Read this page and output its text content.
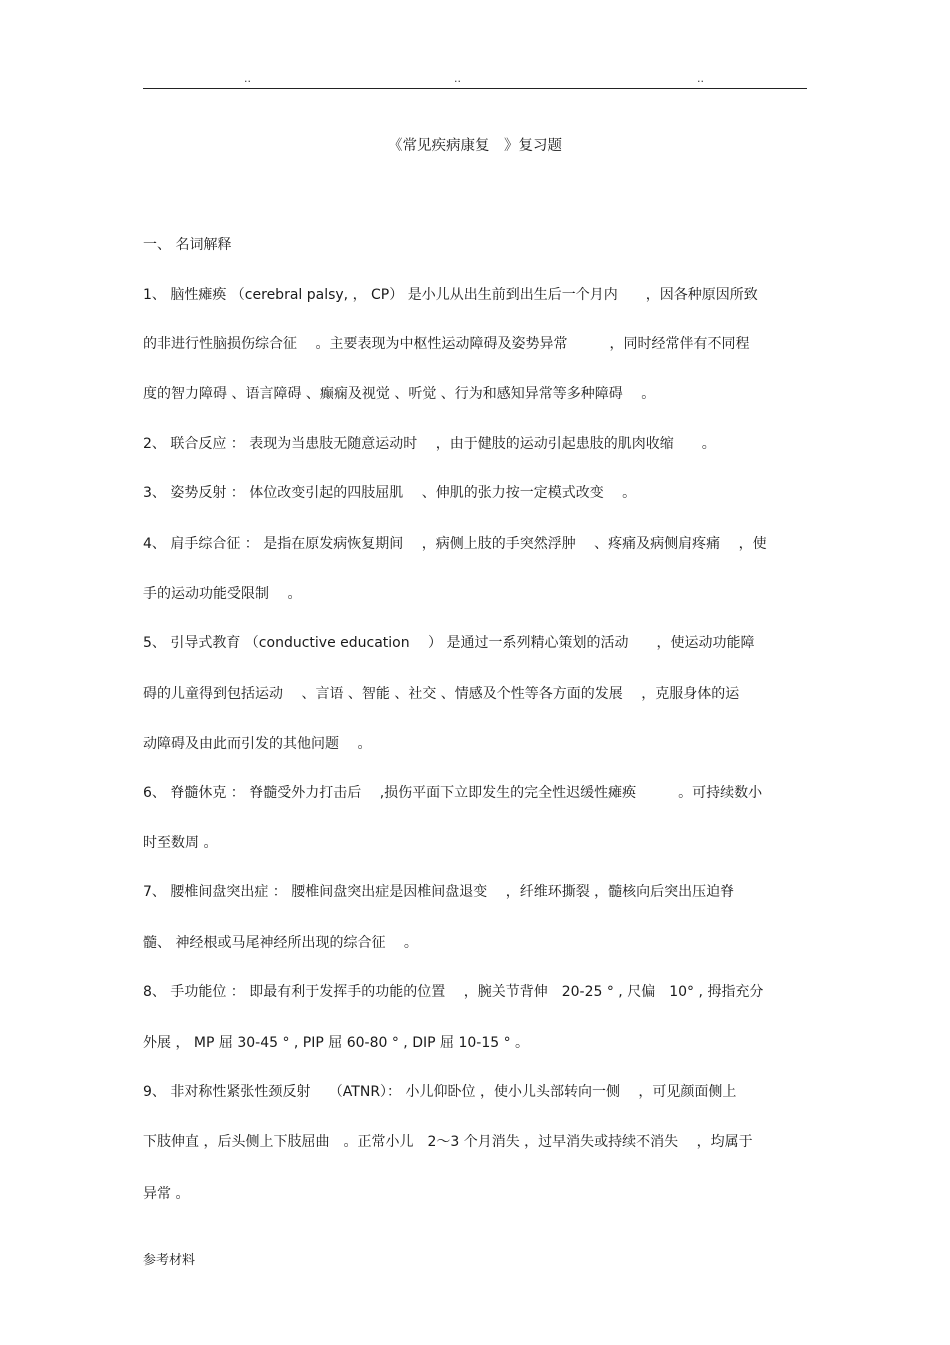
..	..	..
《常见疾病康复　》复习题
一、 名词解释
1、 脑性瘫痪 （cerebral palsy, ， CP） 是小儿从出生前到出生后一个月内　　，因各种原因所致
的非进行性脑损伤综合征　 。主要表现为中枢性运动障碍及姿势异常　　　，同时经常伴有不同程
度的智力障碍 、语言障碍 、癫痫及视觉 、听觉 、行为和感知异常等多种障碍　 。
2、 联合反应 ： 表现为当患肢无随意运动时　 ，由于健肢的运动引起患肢的肌肉收缩　　。
3、 姿势反射 ： 体位改变引起的四肢屈肌　 、伸肌的张力按一定模式改变　 。
4、 肩手综合征 ： 是指在原发病恢复期间　 ，病侧上肢的手突然浮肿　 、疼痛及病侧肩疼痛　 ，使
手的运动功能受限制　 。
5、 引导式教育 （conductive education　 ） 是通过一系列精心策划的活动　　，使运动功能障
碍的儿童得到包括运动　 、言语 、智能 、社交 、情感及个性等各方面的发展　 ，克服身体的运
动障碍及由此而引发的其他问题　 。
6、 脊髓休克 ： 脊髓受外力打击后　 ,损伤平面下立即发生的完全性迟缓性瘫痪　　　。可持续数小
时至数周 。
7、 腰椎间盘突出症 ： 腰椎间盘突出症是因椎间盘退变　 ，纤维环撕裂 ，髓核向后突出压迫脊
髓、 神经根或马尾神经所出现的综合征　 。
8、 手功能位 ： 即最有利于发挥手的功能的位置　 ，腕关节背伸　20-25 ° , 尺偏　10° , 拇指充分
外展 ， MP 屈 30-45 ° , PIP 屈 60-80 ° , DIP 屈 10-15 ° 。
9、 非对称性紧张性颈反射　 （ATNR）： 小儿仰卧位 ，使小儿头部转向一侧　 ，可见颜面侧上
下肢伸直 ，后头侧上下肢屈曲　。正常小儿　2～3 个月消失 ，过早消失或持续不消失　 ，均属于
异常 。
参考材料
